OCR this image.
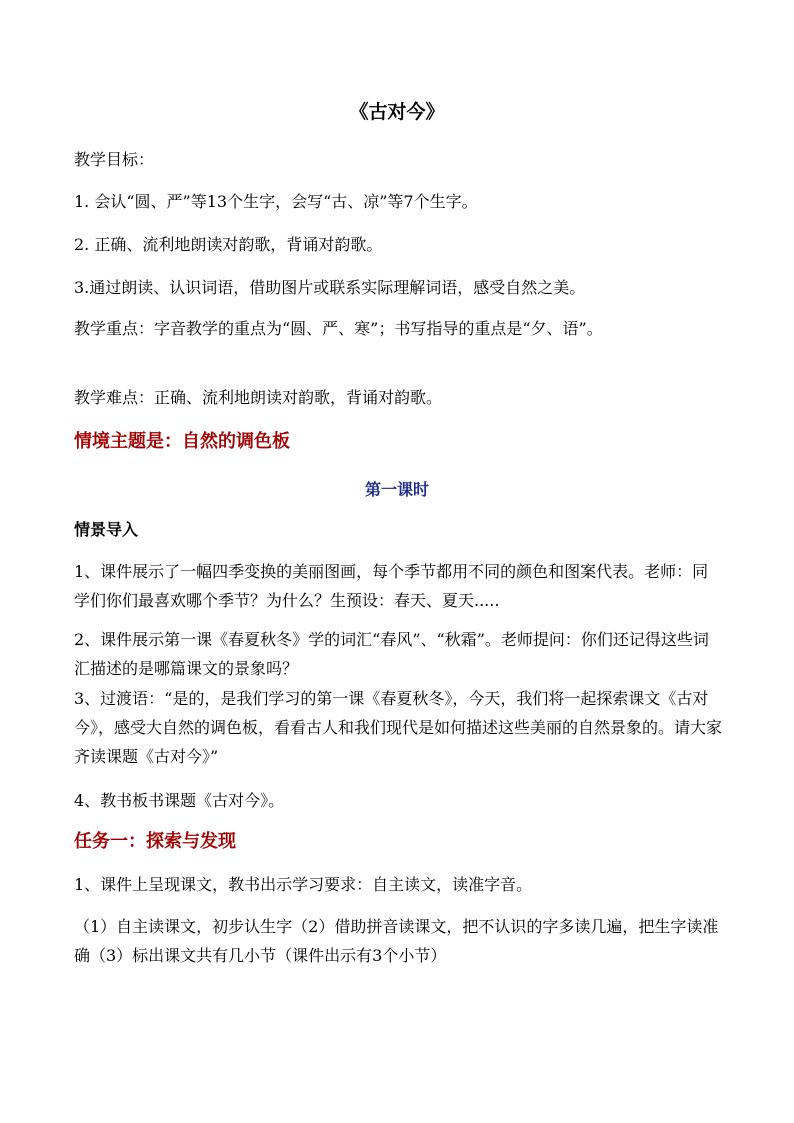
《古对今》
教学目标：
1. 会认“圆、严”等13个生字，会写“古、凉”等7个生字。
2. 正确、流利地朗读对韵歌，背诵对韵歌。
3.通过朗读、认识词语，借助图片或联系实际理解词语，感受自然之美。
教学重点：字音教学的重点为“圆、严、寒”；书写指导的重点是“夕、语”。
教学难点：正确、流利地朗读对韵歌，背诵对韵歌。
情境主题是：自然的调色板
第一课时
情景导入
1、课件展示了一幅四季变换的美丽图画，每个季节都用不同的颜色和图案代表。老师：同学们你们最喜欢哪个季节？为什么？生预设：春天、夏天.....
2、课件展示第一课《春夏秋冬》学的词汇“春风”、“秋霜”。老师提问：你们还记得这些词汇描述的是哪篇课文的景象吗？
3、过渡语：“是的，是我们学习的第一课《春夏秋冬》，今天，我们将一起探索课文《古对今》，感受大自然的调色板，看看古人和我们现代是如何描述这些美丽的自然景象的。请大家齐读课题《古对今》”
4、教书板书课题《古对今》。
任务一：探索与发现
1、课件上呈现课文，教书出示学习要求：自主读文，读准字音。
（1）自主读课文，初步认生字（2）借助拼音读课文，把不认识的字多读几遍，把生字读准确（3）标出课文共有几小节（课件出示有3个小节）
